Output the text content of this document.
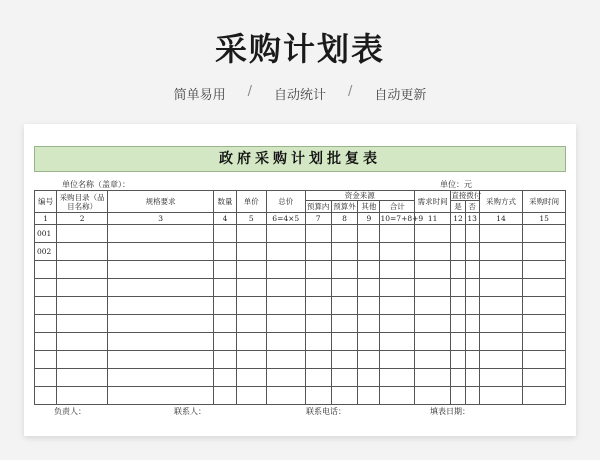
采购计划表
简单易用 / 自动统计 / 自动更新
政府采购计划批复表
单位名称（盖章）：	单位：元
编号	采购目录（品目名称）	规格要求	数量	单价	总价	资金来源				需求时间	直接拨付		采购方式	采购时间
						预算内	预算外	其他	合计		是	否		
1	2	3	4	5	6=4×5	7	8	9	10=7+8+9	11	12	13	14	15
001														
002														

负责人：	联系人：	联系电话：	填表日期：
